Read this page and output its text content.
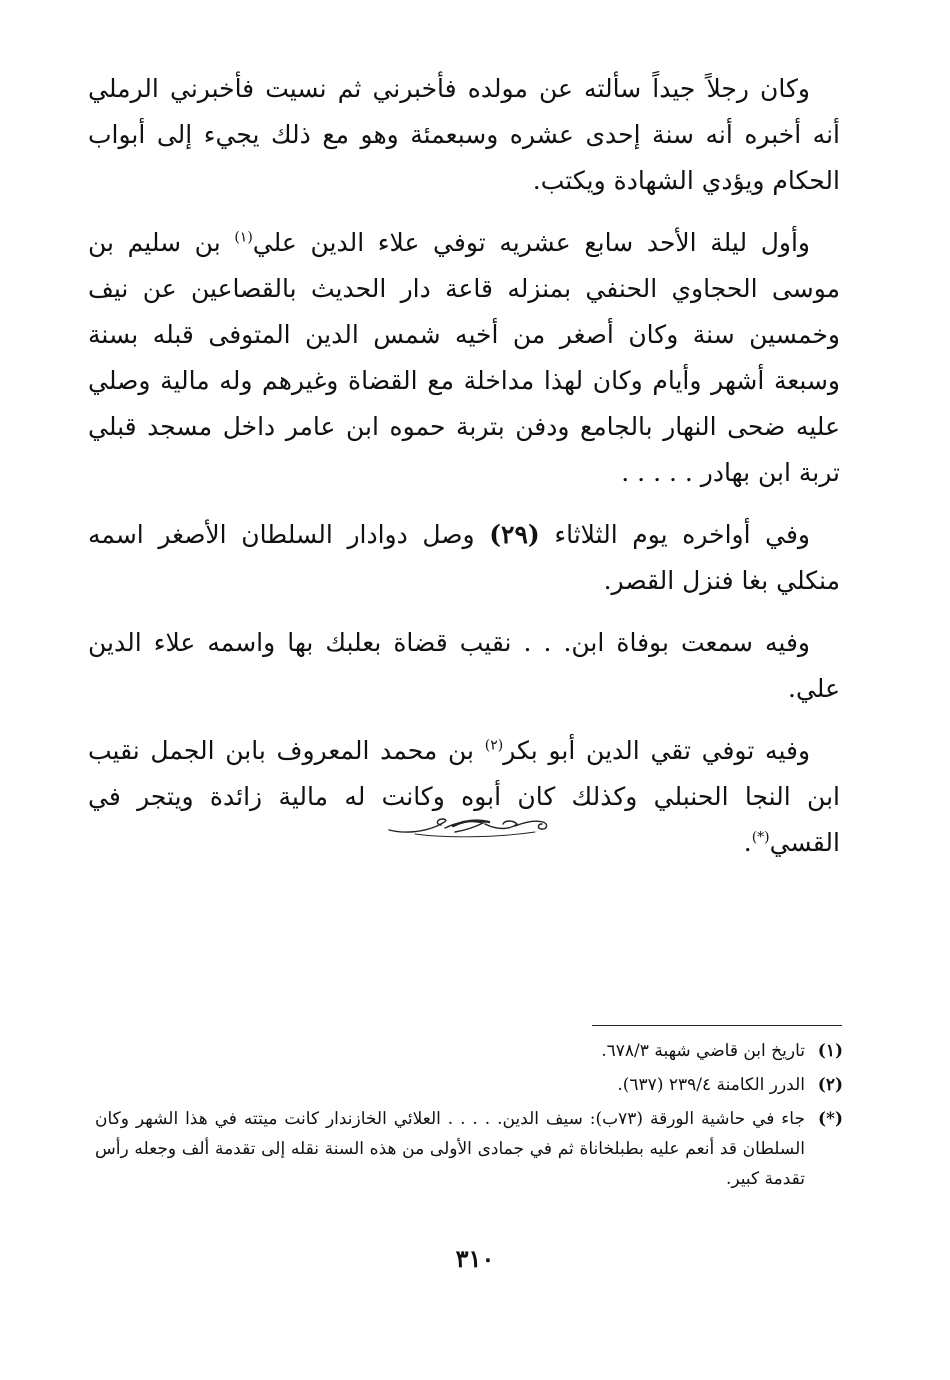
وكان رجلاً جيداً سألته عن مولده فأخبرني ثم نسيت فأخبرني الرملي أنه أخبره أنه سنة إحدى عشره وسبعمئة وهو مع ذلك يجيء إلى أبواب الحكام ويؤدي الشهادة ويكتب.

وأول ليلة الأحد سابع عشريه توفي علاء الدين علي$^{(١)}$ بن سليم بن موسى الحجاوي الحنفي بمنزله قاعة دار الحديث بالقصاعين عن نيف وخمسين سنة وكان أصغر من أخيه شمس الدين المتوفى قبله بسنة وسبعة أشهر وأيام وكان لهذا مداخلة مع القضاة وغيرهم وله مالية وصلي عليه ضحى النهار بالجامع ودفن بتربة حموه ابن عامر داخل مسجد قبلي تربة ابن بهادر . . . . .

وفي أواخره يوم الثلاثاء (٢٩) وصل دوادار السلطان الأصغر اسمه منكلي بغا فنزل القصر.

وفيه سمعت بوفاة ابن. . . نقيب قضاة بعلبك بها واسمه علاء الدين علي.

وفيه توفي تقي الدين أبو بكر$^{(٢)}$ بن محمد المعروف بابن الجمل نقيب ابن النجا الحنبلي وكذلك كان أبوه وكانت له مالية زائدة ويتجر في القسي(*).

(١)
تاريخ ابن قاضي شهبة ٦٧٨/٣.
(٢)
الدرر الكامنة ٢٣٩/٤ (٦٣٧).
(*)
جاء في حاشية الورقة (٧٣ب): سيف الدين. . . . . العلائي الخازندار كانت ميتته في هذا الشهر وكان السلطان قد أنعم عليه بطبلخاناة ثم في جمادى الأولى من هذه السنة نقله إلى تقدمة ألف وجعله رأس تقدمة كبير.
٣١٠
